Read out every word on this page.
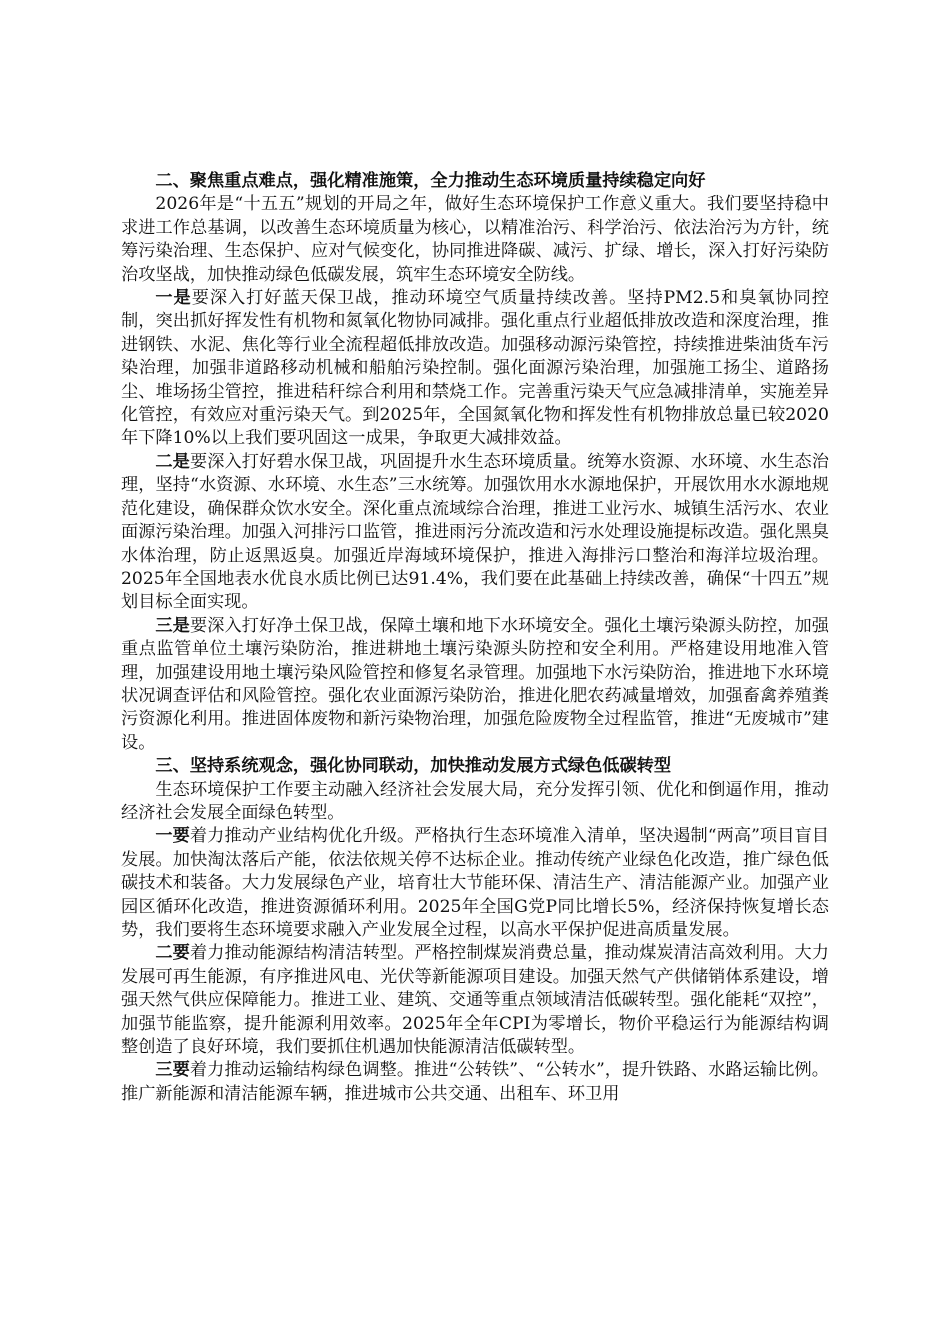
二、聚焦重点难点，强化精准施策，全力推动生态环境质量持续稳定向好

2026年是“十五五”规划的开局之年，做好生态环境保护工作意义重大。我们要坚持稳中求进工作总基调，以改善生态环境质量为核心，以精准治污、科学治污、依法治污为方针，统筹污染治理、生态保护、应对气候变化，协同推进降碳、减污、扩绿、增长，深入打好污染防治攻坚战，加快推动绿色低碳发展，筑牢生态环境安全防线。

一是要深入打好蓝天保卫战，推动环境空气质量持续改善。坚持PM2.5和臭氧协同控制，突出抓好挥发性有机物和氮氧化物协同减排。强化重点行业超低排放改造和深度治理，推进钢铁、水泥、焦化等行业全流程超低排放改造。加强移动源污染管控，持续推进柴油货车污染治理，加强非道路移动机械和船舶污染控制。强化面源污染治理，加强施工扬尘、道路扬尘、堆场扬尘管控，推进秸秆综合利用和禁烧工作。完善重污染天气应急减排清单，实施差异化管控，有效应对重污染天气。到2025年，全国氮氧化物和挥发性有机物排放总量已较2020年下降10%以上我们要巩固这一成果，争取更大减排效益。

二是要深入打好碧水保卫战，巩固提升水生态环境质量。统筹水资源、水环境、水生态治理，坚持“水资源、水环境、水生态”三水统筹。加强饮用水水源地保护，开展饮用水水源地规范化建设，确保群众饮水安全。深化重点流域综合治理，推进工业污水、城镇生活污水、农业面源污染治理。加强入河排污口监管，推进雨污分流改造和污水处理设施提标改造。强化黑臭水体治理，防止返黑返臭。加强近岸海域环境保护，推进入海排污口整治和海洋垃圾治理。2025年全国地表水优良水质比例已达91.4%，我们要在此基础上持续改善，确保“十四五”规划目标全面实现。

三是要深入打好净土保卫战，保障土壤和地下水环境安全。强化土壤污染源头防控，加强重点监管单位土壤污染防治，推进耕地土壤污染源头防控和安全利用。严格建设用地准入管理，加强建设用地土壤污染风险管控和修复名录管理。加强地下水污染防治，推进地下水环境状况调查评估和风险管控。强化农业面源污染防治，推进化肥农药减量增效，加强畜禽养殖粪污资源化利用。推进固体废物和新污染物治理，加强危险废物全过程监管，推进“无废城市”建设。

三、坚持系统观念，强化协同联动，加快推动发展方式绿色低碳转型

生态环境保护工作要主动融入经济社会发展大局，充分发挥引领、优化和倒逼作用，推动经济社会发展全面绿色转型。

一要着力推动产业结构优化升级。严格执行生态环境准入清单，坚决遏制“两高”项目盲目发展。加快淘汰落后产能，依法依规关停不达标企业。推动传统产业绿色化改造，推广绿色低碳技术和装备。大力发展绿色产业，培育壮大节能环保、清洁生产、清洁能源产业。加强产业园区循环化改造，推进资源循环利用。2025年全国G党P同比增长5%，经济保持恢复增长态势，我们要将生态环境要求融入产业发展全过程，以高水平保护促进高质量发展。

二要着力推动能源结构清洁转型。严格控制煤炭消费总量，推动煤炭清洁高效利用。大力发展可再生能源，有序推进风电、光伏等新能源项目建设。加强天然气产供储销体系建设，增强天然气供应保障能力。推进工业、建筑、交通等重点领域清洁低碳转型。强化能耗“双控”，加强节能监察，提升能源利用效率。2025年全年CPI为零增长，物价平稳运行为能源结构调整创造了良好环境，我们要抓住机遇加快能源清洁低碳转型。

三要着力推动运输结构绿色调整。推进“公转铁”、“公转水”，提升铁路、水路运输比例。推广新能源和清洁能源车辆，推进城市公共交通、出租车、环卫用
